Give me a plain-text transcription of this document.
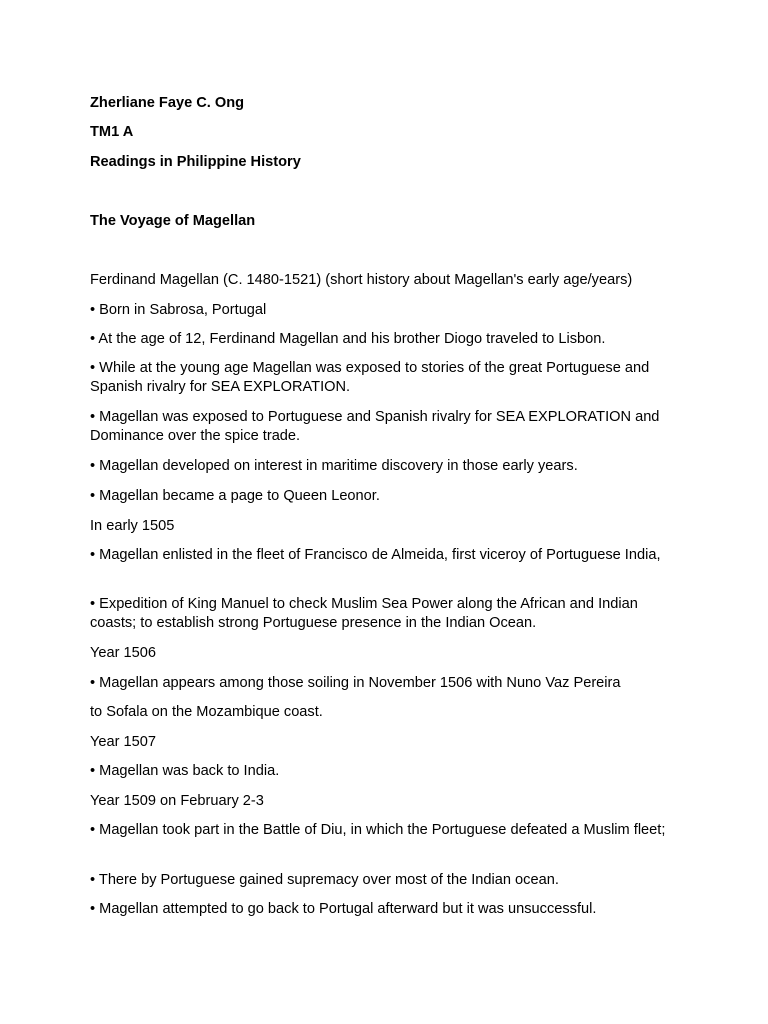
Zherliane Faye C. Ong

TM1 A

Readings in Philippine History

The Voyage of Magellan

Ferdinand Magellan (C. 1480-1521) (short history about Magellan's early age/years)

• Born in Sabrosa, Portugal

• At the age of 12, Ferdinand Magellan and his brother Diogo traveled to Lisbon.

• While at the young age Magellan was exposed to stories of the great Portuguese and Spanish rivalry for SEA EXPLORATION.

• Magellan was exposed to Portuguese and Spanish rivalry for SEA EXPLORATION and Dominance over the spice trade.

• Magellan developed on interest in maritime discovery in those early years.

• Magellan became a page to Queen Leonor.

In early 1505

• Magellan enlisted in the fleet of Francisco de Almeida, first viceroy of Portuguese India,

• Expedition of King Manuel to check Muslim Sea Power along the African and Indian coasts; to establish strong Portuguese presence in the Indian Ocean.

Year 1506

• Magellan appears among those soiling in November 1506 with Nuno Vaz Pereira

to Sofala on the Mozambique coast.

Year 1507

• Magellan was back to India.

Year 1509 on February 2-3

• Magellan took part in the Battle of Diu, in which the Portuguese defeated a Muslim fleet;

• There by Portuguese gained supremacy over most of the Indian ocean.

• Magellan attempted to go back to Portugal afterward but it was unsuccessful.
